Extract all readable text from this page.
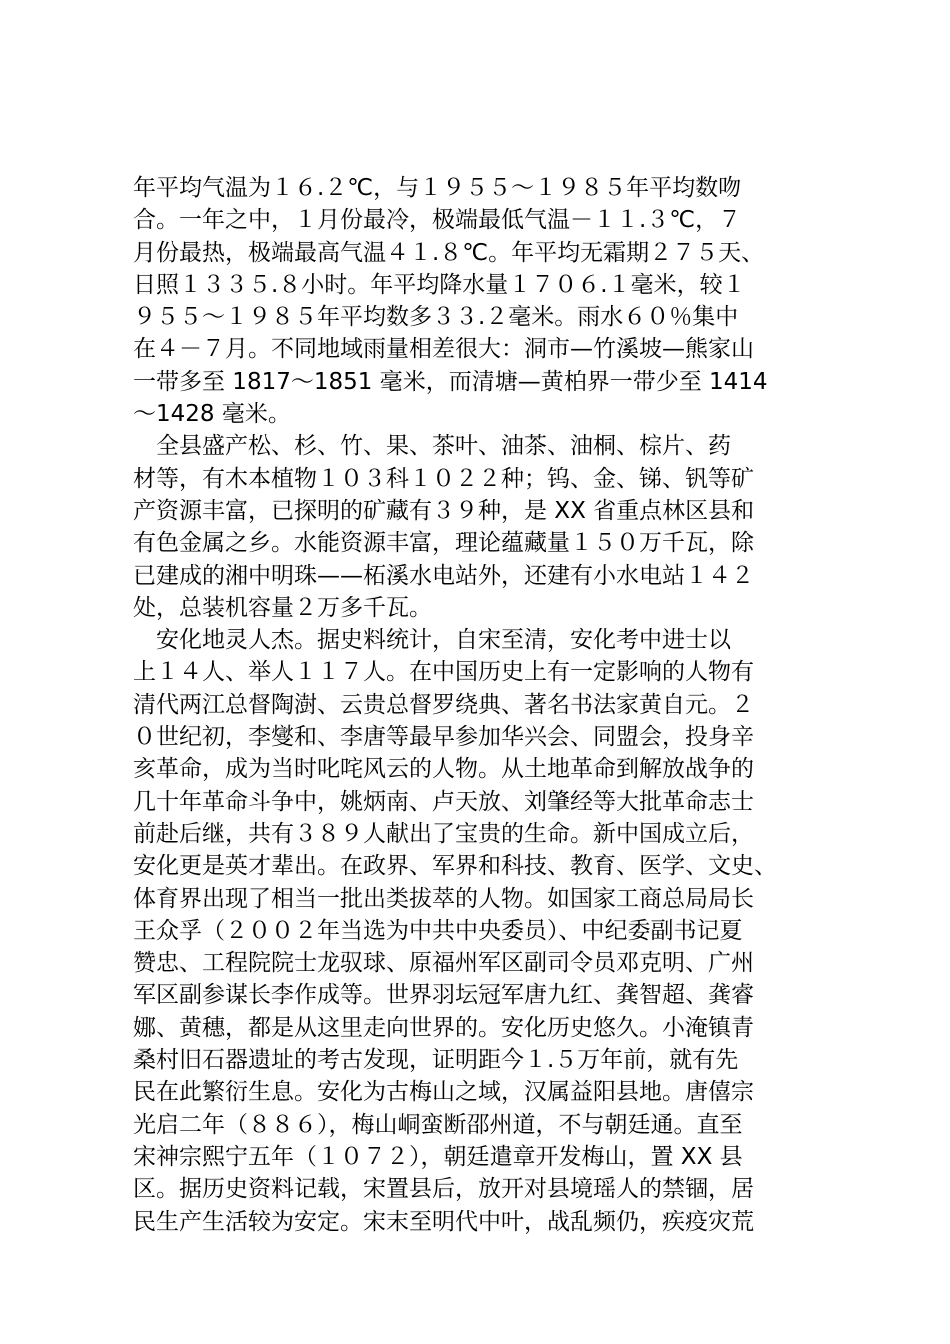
年平均气温为１６.２℃，与１９５５～１９８５年平均数吻
合。一年之中，１月份最冷，极端最低气温－１１.３℃，７
月份最热，极端最高气温４１.８℃。年平均无霜期２７５天、
日照１３３５.８小时。年平均降水量１７０６.１毫米，较１
９５５～１９８５年平均数多３３.２毫米。雨水６０％集中
在４－７月。不同地域雨量相差很大：洞市—竹溪坡—熊家山
一带多至 1817～1851 毫米，而清塘—黄柏界一带少至 1414
～1428 毫米。
　全县盛产松、杉、竹、果、茶叶、油茶、油桐、棕片、药
材等，有木本植物１０３科１０２２种；钨、金、锑、钒等矿
产资源丰富，已探明的矿藏有３９种，是 XX 省重点林区县和
有色金属之乡。水能资源丰富，理论蕴藏量１５０万千瓦，除
已建成的湘中明珠——柘溪水电站外，还建有小水电站１４２
处，总装机容量２万多千瓦。
　安化地灵人杰。据史料统计，自宋至清，安化考中进士以
上１４人、举人１１７人。在中国历史上有一定影响的人物有
清代两江总督陶澍、云贵总督罗绕典、著名书法家黄自元。２
０世纪初，李燮和、李唐等最早参加华兴会、同盟会，投身辛
亥革命，成为当时叱咤风云的人物。从土地革命到解放战争的
几十年革命斗争中，姚炳南、卢天放、刘肇经等大批革命志士
前赴后继，共有３８９人献出了宝贵的生命。新中国成立后，
安化更是英才辈出。在政界、军界和科技、教育、医学、文史、
体育界出现了相当一批出类拔萃的人物。如国家工商总局局长
王众孚（２００２年当选为中共中央委员）、中纪委副书记夏
赞忠、工程院院士龙驭球、原福州军区副司令员邓克明、广州
军区副参谋长李作成等。世界羽坛冠军唐九红、龚智超、龚睿
娜、黄穗，都是从这里走向世界的。安化历史悠久。小淹镇青
桑村旧石器遗址的考古发现，证明距今１.５万年前，就有先
民在此繁衍生息。安化为古梅山之域，汉属益阳县地。唐僖宗
光启二年（８８６），梅山峒蛮断邵州道，不与朝廷通。直至
宋神宗熙宁五年（１０７２），朝廷遣章开发梅山，置 XX 县
区。据历史资料记载，宋置县后，放开对县境瑶人的禁锢，居
民生产生活较为安定。宋末至明代中叶，战乱频仍，疾疫灾荒
